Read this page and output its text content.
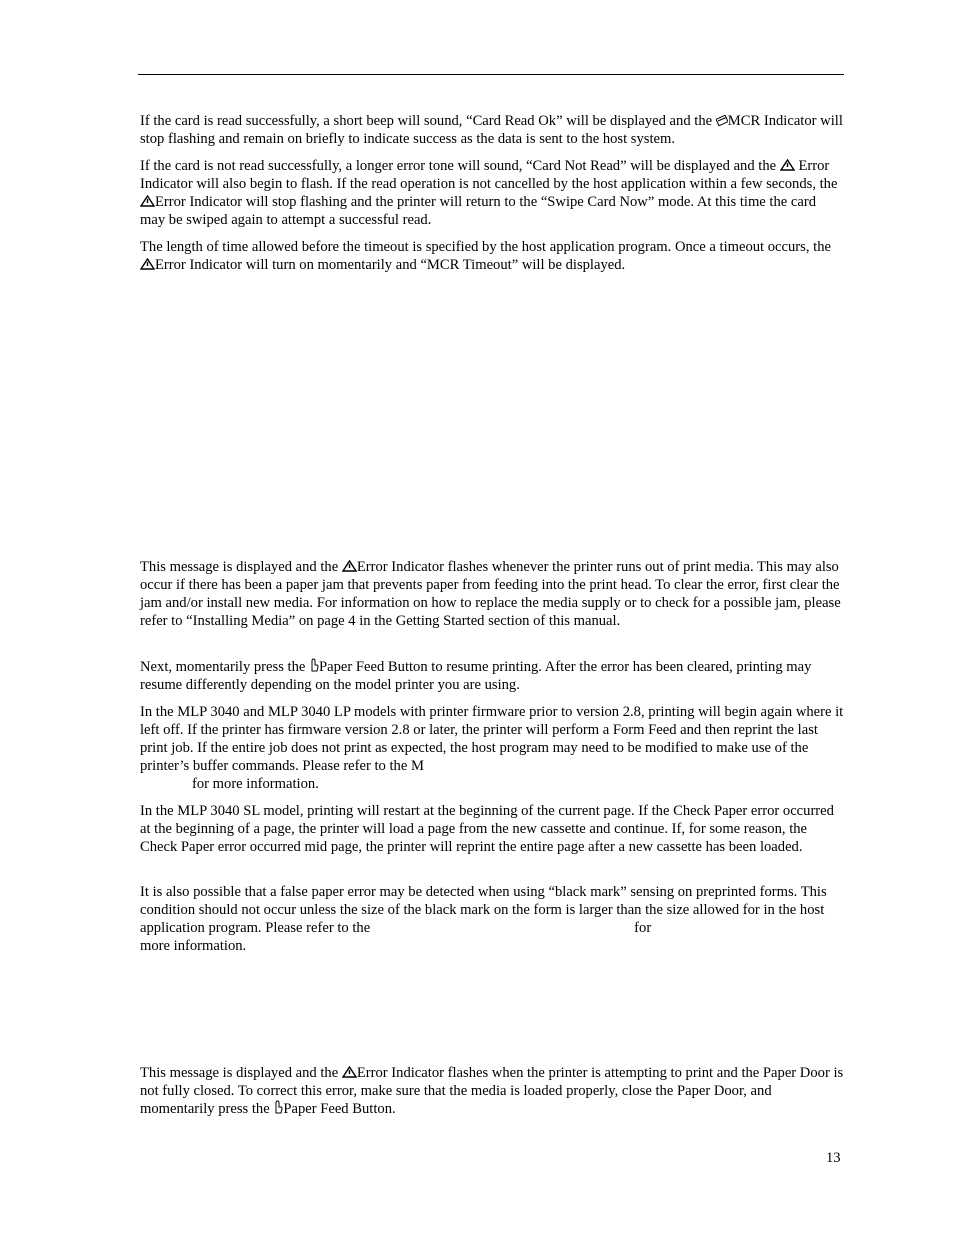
If the card is read successfully, a short beep will sound, “Card Read Ok” will be displayed and the MCR Indicator will stop flashing and remain on briefly to indicate success as the data is sent to the host system.

If the card is not read successfully, a longer error tone will sound, “Card Not Read” will be displayed and the Error Indicator will also begin to flash. If the read operation is not cancelled by the host application within a few seconds, the Error Indicator will stop flashing and the printer will return to the “Swipe Card Now” mode. At this time the card may be swiped again to attempt a successful read.

The length of time allowed before the timeout is specified by the host application program. Once a timeout occurs, the Error Indicator will turn on momentarily and “MCR Timeout” will be displayed.

This message is displayed and the Error Indicator flashes whenever the printer runs out of print media. This may also occur if there has been a paper jam that prevents paper from feeding into the print head. To clear the error, first clear the jam and/or install new media. For information on how to replace the media supply or to check for a possible jam, please refer to “Installing Media” on page 4 in the Getting Started section of this manual.

Next, momentarily press the Paper Feed Button to resume printing. After the error has been cleared, printing may resume differently depending on the model printer you are using.

In the MLP 3040 and MLP 3040 LP models with printer firmware prior to version 2.8, printing will begin again where it left off. If the printer has firmware version 2.8 or later, the printer will perform a Form Feed and then reprint the last print job. If the entire job does not print as expected, the host program may need to be modified to make use of the printer’s buffer commands. Please refer to the M
for more information.

In the MLP 3040 SL model, printing will restart at the beginning of the current page. If the Check Paper error occurred at the beginning of a page, the printer will load a page from the new cassette and continue. If, for some reason, the Check Paper error occurred mid page, the printer will reprint the entire page after a new cassette has been loaded.

It is also possible that a false paper error may be detected when using “black mark” sensing on preprinted forms. This condition should not occur unless the size of the black mark on the form is larger than the size allowed for in the host application program. Please refer to the	for
more information.

This message is displayed and the Error Indicator flashes when the printer is attempting to print and the Paper Door is not fully closed. To correct this error, make sure that the media is loaded properly, close the Paper Door, and momentarily press the Paper Feed Button.

13
